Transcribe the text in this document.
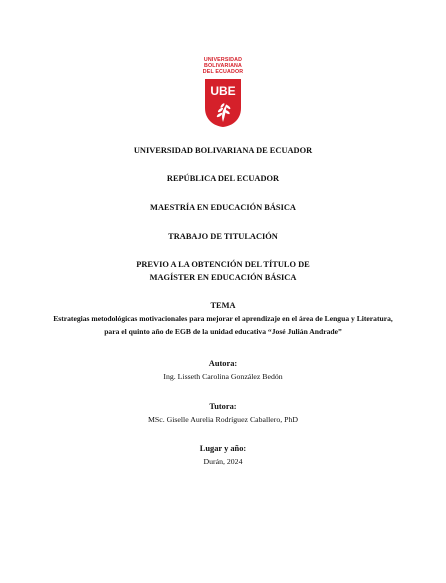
UNIVERSIDAD
BOLIVARIANA
DEL ECUADOR
UBE
UNIVERSIDAD BOLIVARIANA DE ECUADOR
REPÚBLICA DEL ECUADOR
MAESTRÍA EN EDUCACIÓN BÁSICA
TRABAJO DE TITULACIÓN
PREVIO A LA OBTENCIÓN DEL TÍTULO DE
MAGÍSTER EN EDUCACIÓN BÁSICA
TEMA
Estrategias metodológicas motivacionales para mejorar el aprendizaje en el área de Lengua y Literatura,
para el quinto año de EGB de la unidad educativa “José Julián Andrade”
Autora:
Ing. Lisseth Carolina González Bedón
Tutora:
MSc. Giselle Aurelia Rodríguez Caballero, PhD
Lugar y año:
Durán, 2024
